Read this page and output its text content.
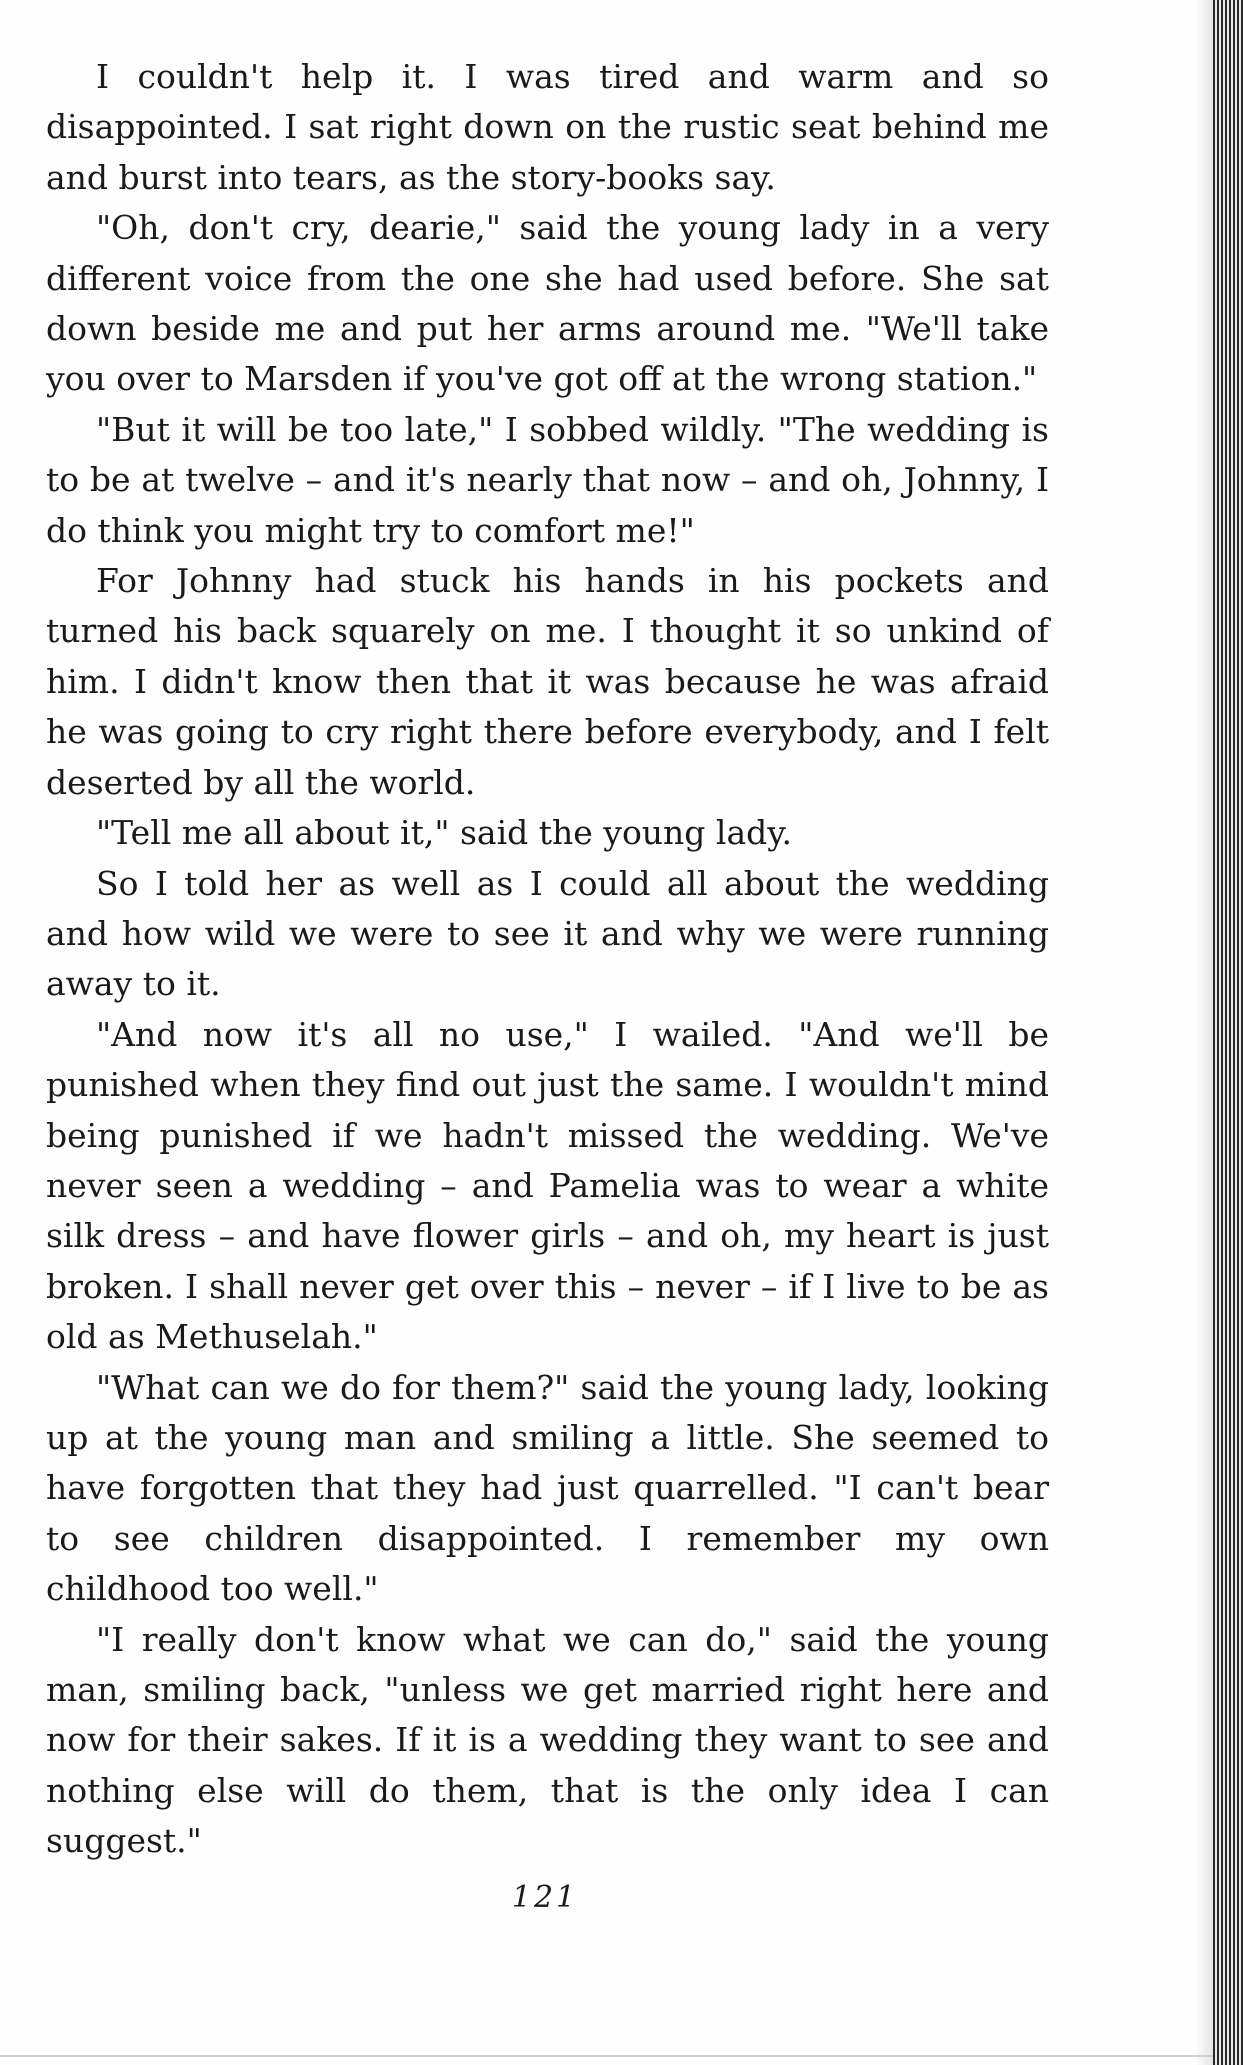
I couldn't help it. I was tired and warm and so disappointed. I sat right down on the rustic seat behind me and burst into tears, as the story-books say.

"Oh, don't cry, dearie," said the young lady in a very different voice from the one she had used before. She sat down beside me and put her arms around me. "We'll take you over to Marsden if you've got off at the wrong station."

"But it will be too late," I sobbed wildly. "The wedding is to be at twelve – and it's nearly that now – and oh, Johnny, I do think you might try to comfort me!"

For Johnny had stuck his hands in his pockets and turned his back squarely on me. I thought it so unkind of him. I didn't know then that it was because he was afraid he was going to cry right there before everybody, and I felt deserted by all the world.

"Tell me all about it," said the young lady.

So I told her as well as I could all about the wedding and how wild we were to see it and why we were running away to it.

"And now it's all no use," I wailed. "And we'll be punished when they find out just the same. I wouldn't mind being punished if we hadn't missed the wedding. We've never seen a wedding – and Pamelia was to wear a white silk dress – and have flower girls – and oh, my heart is just broken. I shall never get over this – never – if I live to be as old as Methuselah."

"What can we do for them?" said the young lady, looking up at the young man and smiling a little. She seemed to have forgotten that they had just quarrelled. "I can't bear to see children disappointed. I remember my own childhood too well."

"I really don't know what we can do," said the young man, smiling back, "unless we get married right here and now for their sakes. If it is a wedding they want to see and nothing else will do them, that is the only idea I can suggest."

121
